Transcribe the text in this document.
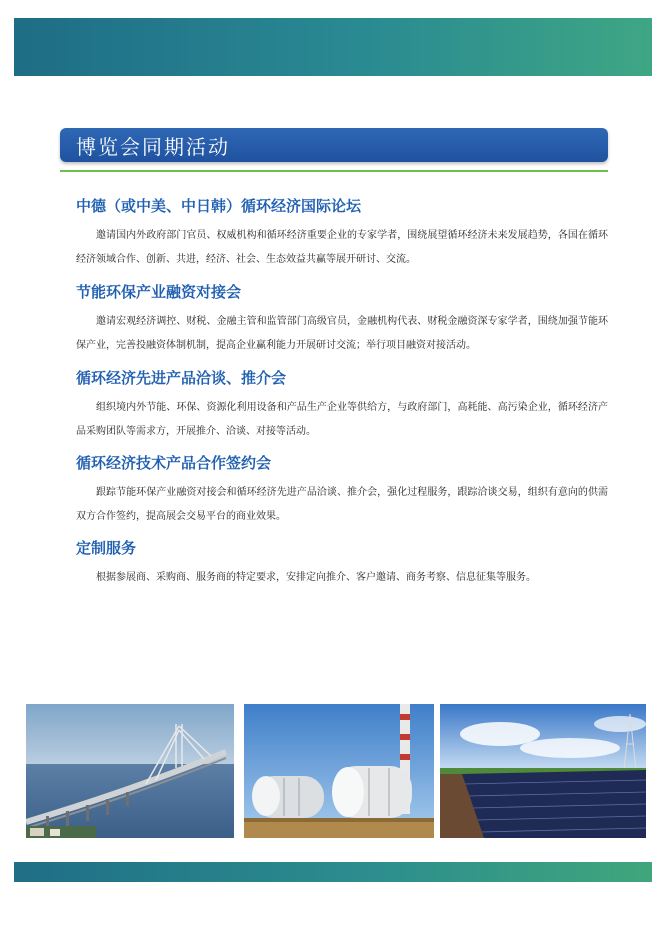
博览会同期活动
中德（或中美、中日韩）循环经济国际论坛

邀请国内外政府部门官员、权威机构和循环经济重要企业的专家学者，围绕展望循环经济未来发展趋势，各国在循环经济领域合作、创新、共进，经济、社会、生态效益共赢等展开研讨、交流。

节能环保产业融资对接会

邀请宏观经济调控、财税、金融主管和监管部门高级官员，金融机构代表、财税金融资深专家学者，围绕加强节能环保产业，完善投融资体制机制，提高企业赢利能力开展研讨交流；举行项目融资对接活动。

循环经济先进产品洽谈、推介会

组织境内外节能、环保、资源化利用设备和产品生产企业等供给方，与政府部门，高耗能、高污染企业，循环经济产品采购团队等需求方，开展推介、洽谈、对接等活动。

循环经济技术产品合作签约会

跟踪节能环保产业融资对接会和循环经济先进产品洽谈、推介会，强化过程服务，跟踪洽谈交易，组织有意向的供需双方合作签约，提高展会交易平台的商业效果。

定制服务

根据参展商、采购商、服务商的特定要求，安排定向推介、客户邀请、商务考察、信息征集等服务。
